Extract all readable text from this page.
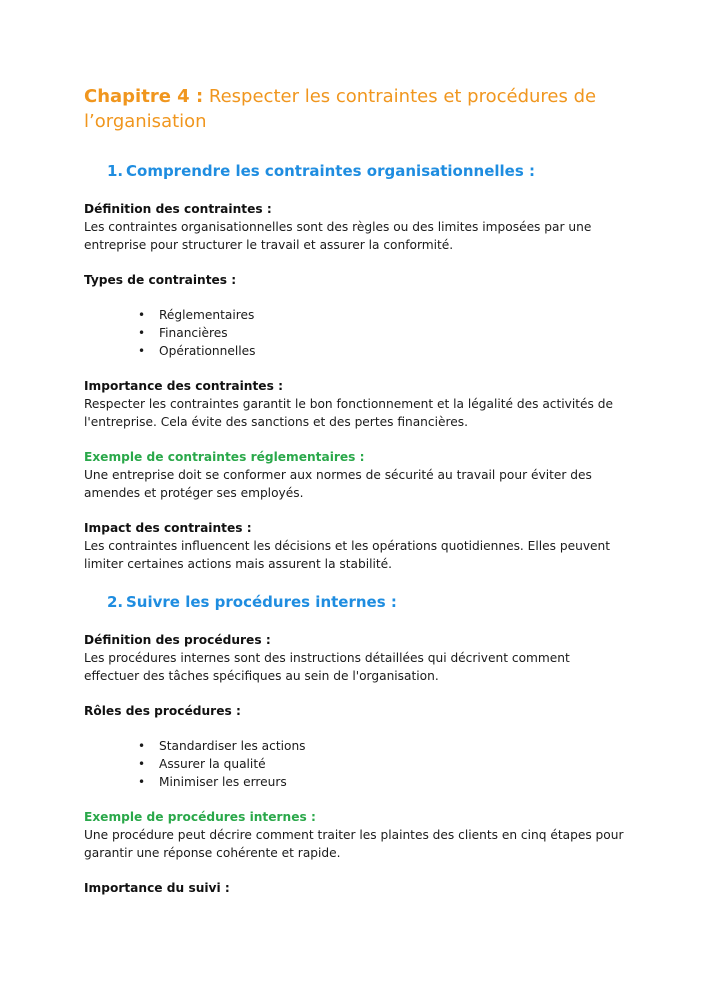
Chapitre 4 : Respecter les contraintes et procédures de l’organisation
1. Comprendre les contraintes organisationnelles :
Définition des contraintes :
Les contraintes organisationnelles sont des règles ou des limites imposées par une entreprise pour structurer le travail et assurer la conformité.
Types de contraintes :
•	Réglementaires
•	Financières
•	Opérationnelles
Importance des contraintes :
Respecter les contraintes garantit le bon fonctionnement et la légalité des activités de l'entreprise. Cela évite des sanctions et des pertes financières.
Exemple de contraintes réglementaires :
Une entreprise doit se conformer aux normes de sécurité au travail pour éviter des amendes et protéger ses employés.
Impact des contraintes :
Les contraintes influencent les décisions et les opérations quotidiennes. Elles peuvent limiter certaines actions mais assurent la stabilité.
2. Suivre les procédures internes :
Définition des procédures :
Les procédures internes sont des instructions détaillées qui décrivent comment effectuer des tâches spécifiques au sein de l'organisation.
Rôles des procédures :
•	Standardiser les actions
•	Assurer la qualité
•	Minimiser les erreurs
Exemple de procédures internes :
Une procédure peut décrire comment traiter les plaintes des clients en cinq étapes pour garantir une réponse cohérente et rapide.
Importance du suivi :
